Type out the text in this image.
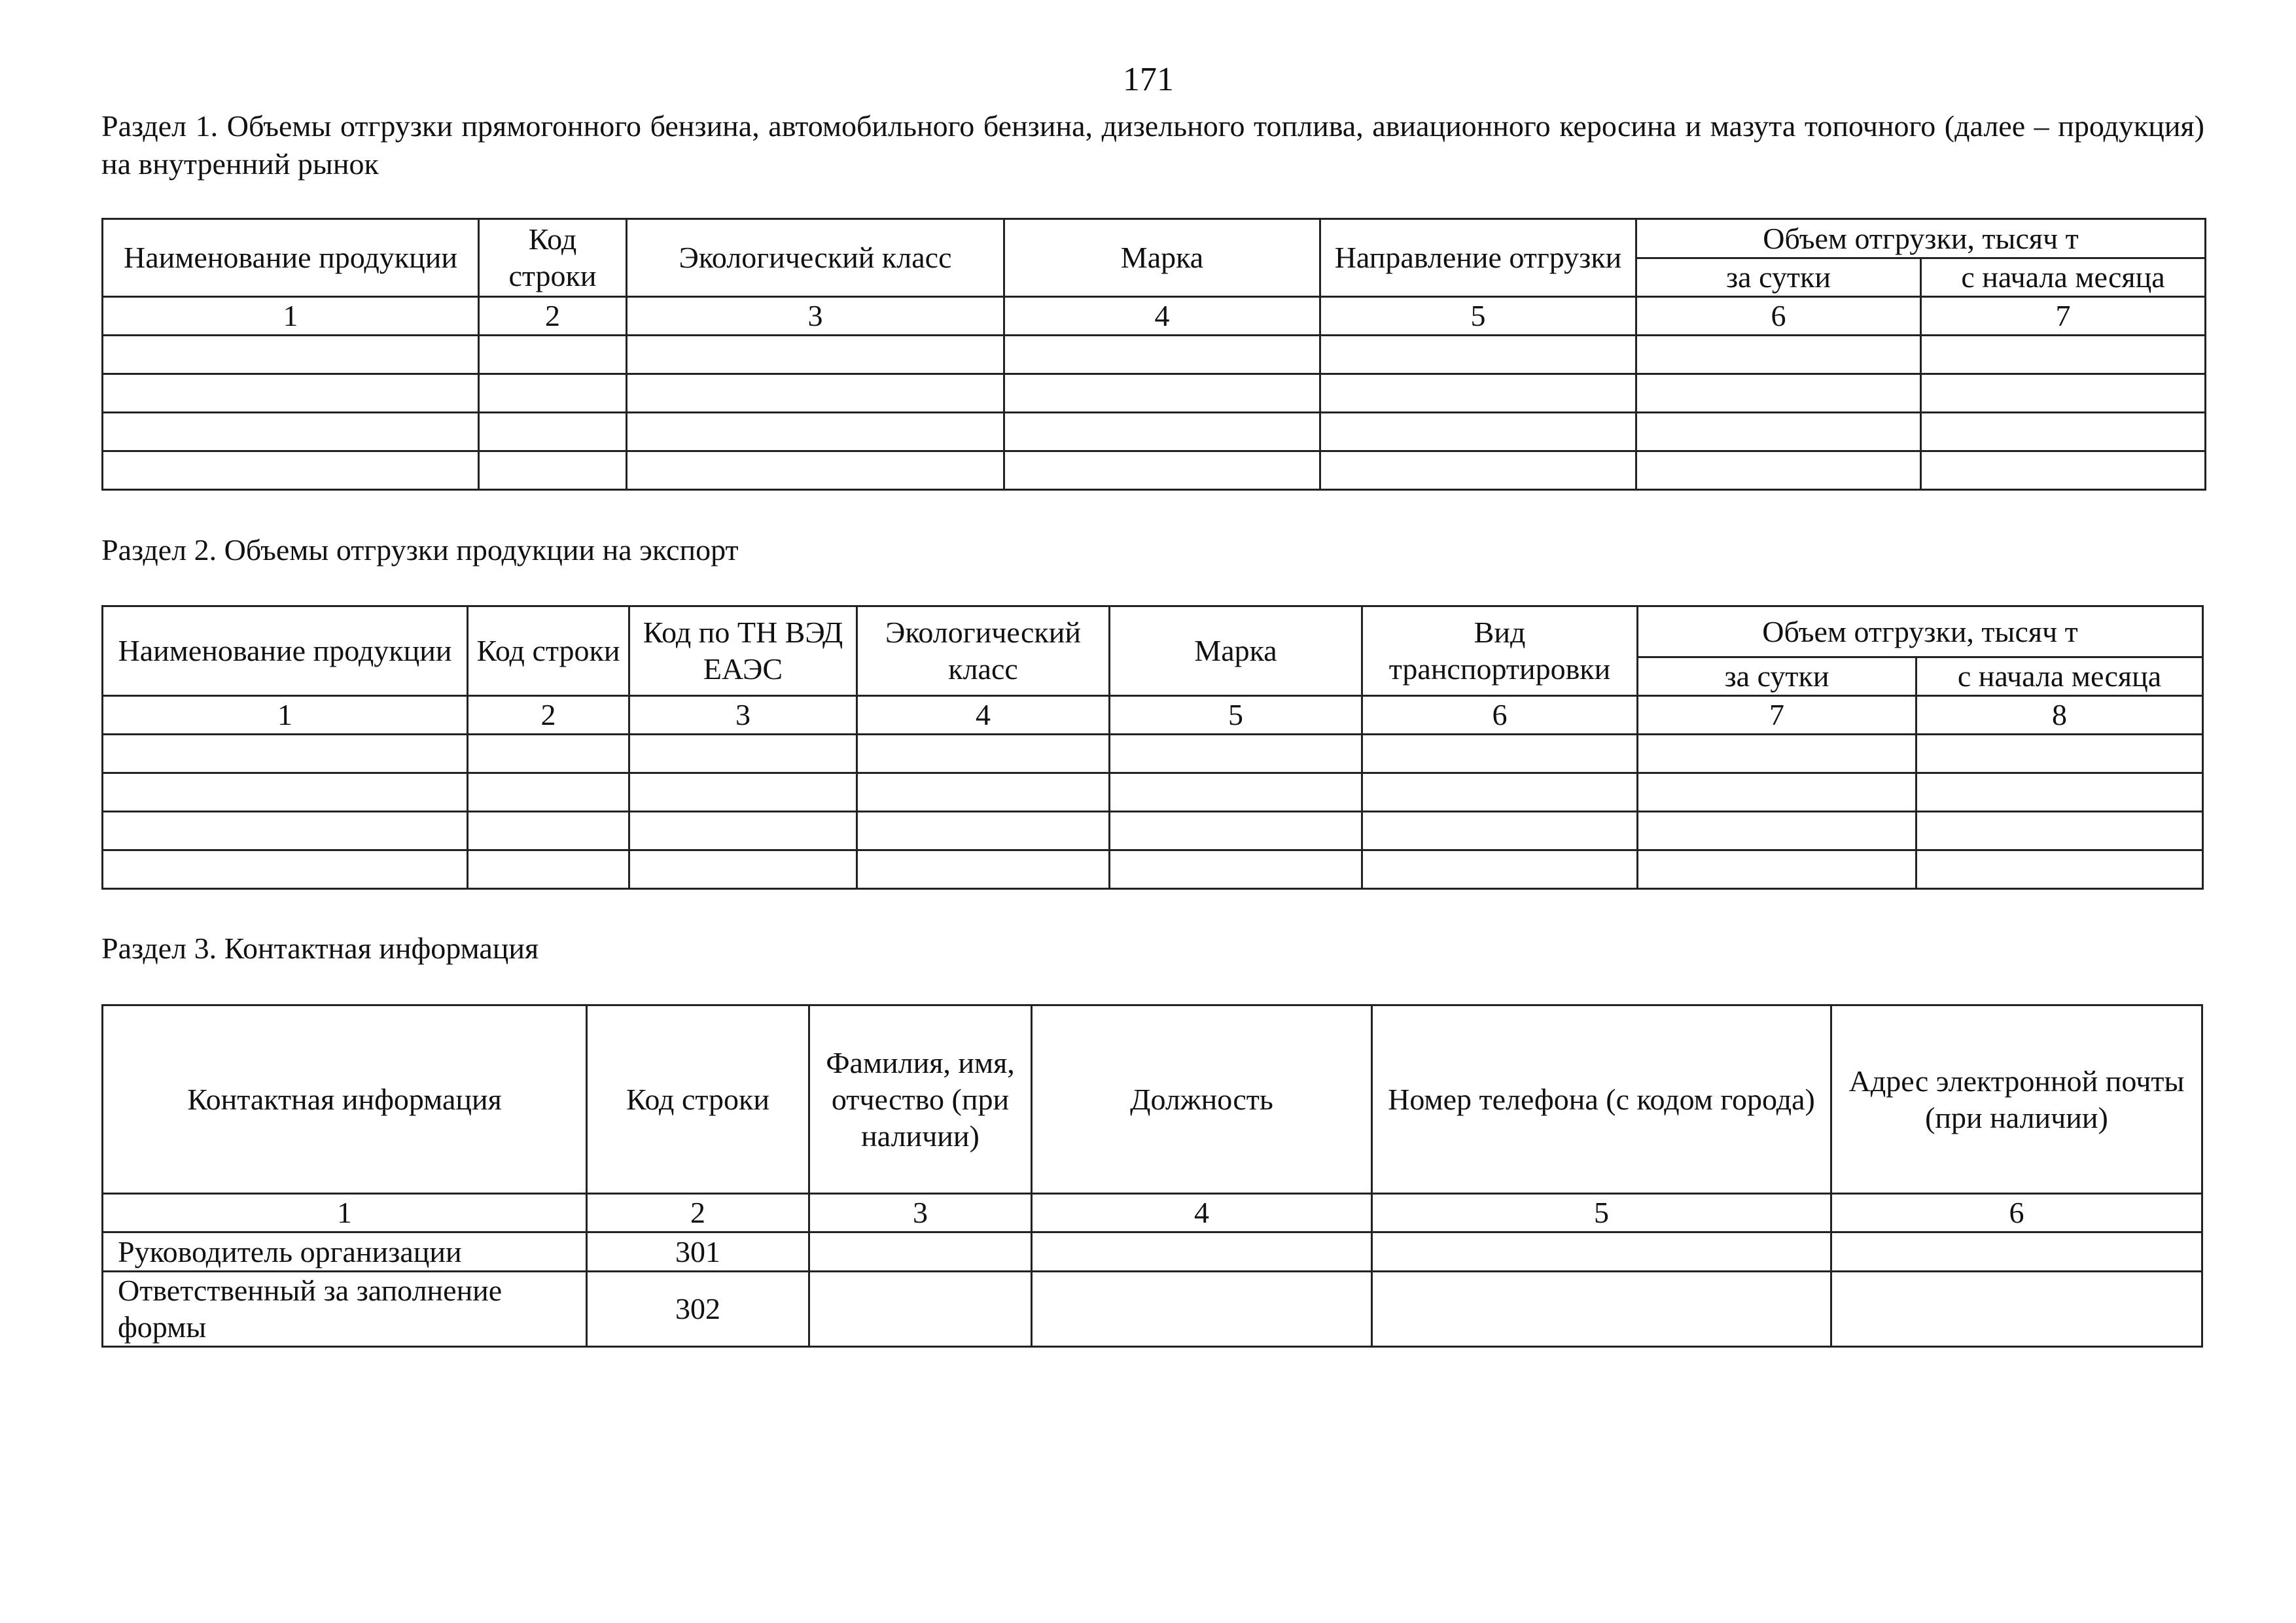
171
Раздел 1. Объемы отгрузки прямогонного бензина, автомобильного бензина, дизельного топлива, авиационного керосина и мазута топочного (далее – продукция) на внутренний рынок
Наименование продукции	Код строки	Экологический класс	Марка	Направление отгрузки	Объем отгрузки, тысяч т	
					за сутки	с начала месяца
1	2	3	4	5	6	7

Раздел 2. Объемы отгрузки продукции на экспорт
Наименование продукции	Код строки	Код по ТН ВЭД ЕАЭС	Экологический класс	Марка	Вид транспортировки	Объем отгрузки, тысяч т	
						за сутки	с начала месяца
1	2	3	4	5	6	7	8

Раздел 3. Контактная информация
Контактная информация	Код строки	Фамилия, имя, отчество (при наличии)	Должность	Номер телефона (с кодом города)	Адрес электронной почты (при наличии)
1	2	3	4	5	6
Руководитель организации	301				
Ответственный за заполнение формы	302				
